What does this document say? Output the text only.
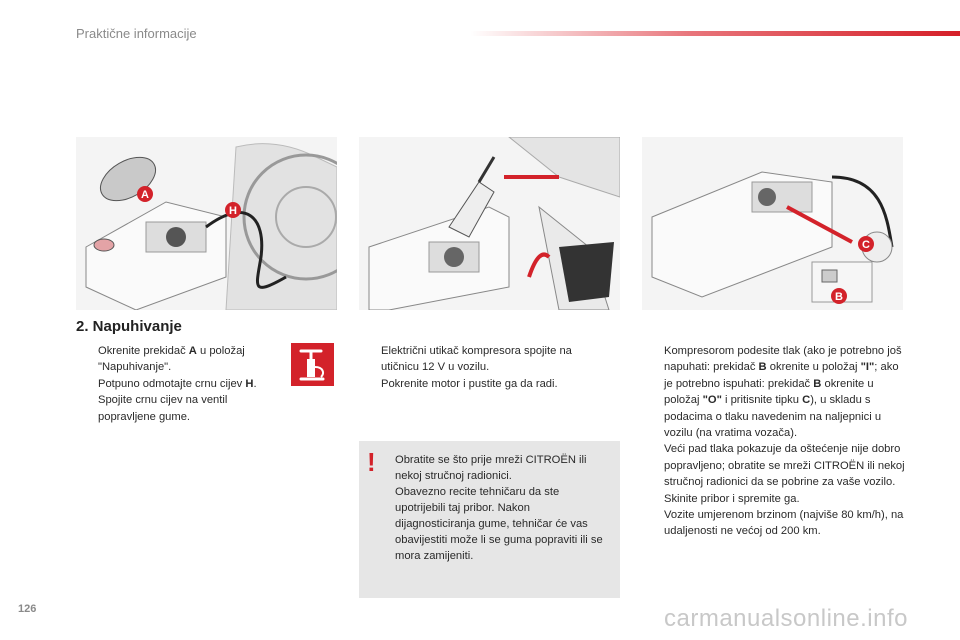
Praktične informacije
A
H
C
B
2. Napuhivanje
Okrenite prekidač A u položaj "Napuhivanje".
Potpuno odmotajte crnu cijev H.
Spojite crnu cijev na ventil popravljene gume.
Električni utikač kompresora spojite na utičnicu 12 V u vozilu.
Pokrenite motor i pustite ga da radi.
! Obratite se što prije mreži CITROËN ili nekoj stručnoj radionici.
Obavezno recite tehničaru da ste upotrijebili taj pribor. Nakon dijagnosticiranja gume, tehničar će vas obavijestiti može li se guma popraviti ili se mora zamijeniti.
Kompresorom podesite tlak (ako je potrebno još napuhati: prekidač B okrenite u položaj "I"; ako je potrebno ispuhati: prekidač B okrenite u položaj "O" i pritisnite tipku C), u skladu s podacima o tlaku navedenim na naljepnici u vozilu (na vratima vozača).
Veći pad tlaka pokazuje da oštećenje nije dobro popravljeno; obratite se mreži CITROËN ili nekoj stručnoj radionici da se pobrine za vaše vozilo.
Skinite pribor i spremite ga.
Vozite umjerenom brzinom (najviše 80 km/h), na udaljenosti ne većoj od 200 km.
126	carmanualsonline.info
